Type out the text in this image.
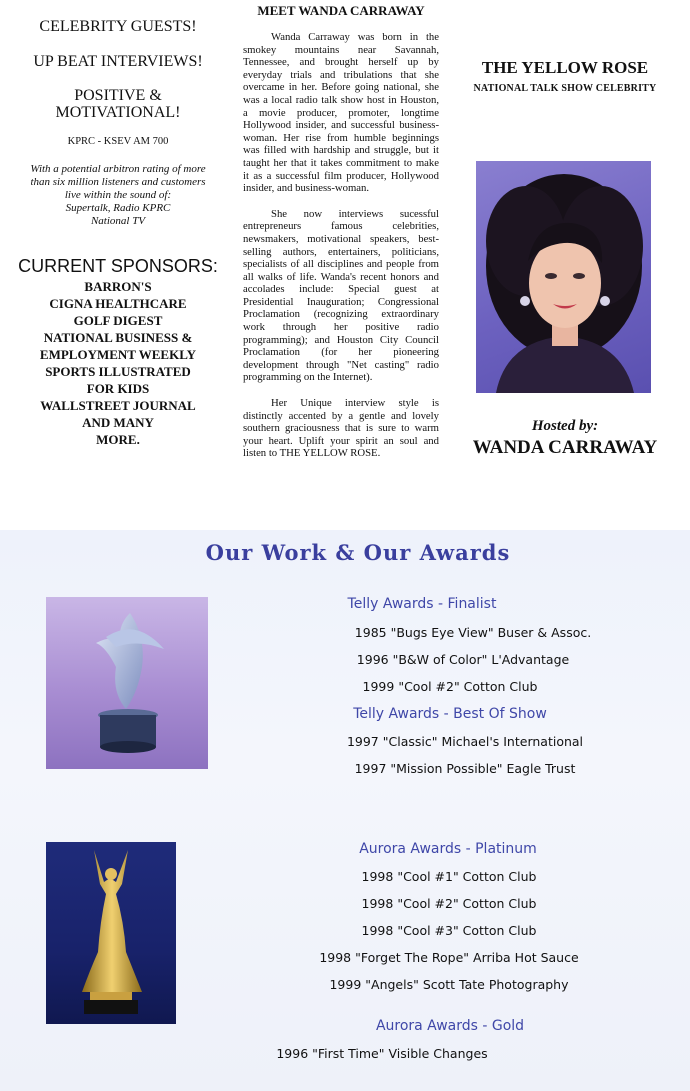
CELEBRITY GUESTS!
UP BEAT INTERVIEWS!
POSITIVE &
MOTIVATIONAL!
KPRC - KSEV AM 700
With a potential arbitron rating of more
than six million listeners and customers
live within the sound of:
Supertalk, Radio KPRC
National TV
CURRENT SPONSORS:
BARRON'S
CIGNA HEALTHCARE
GOLF DIGEST
NATIONAL BUSINESS &
EMPLOYMENT WEEKLY
SPORTS ILLUSTRATED
FOR KIDS
WALLSTREET JOURNAL
AND MANY
MORE.
MEET WANDA CARRAWAY

Wanda Carraway was born in the smokey mountains near Savannah, Tennessee, and brought herself up by everyday trials and tribulations that she overcame in her. Before going national, she was a local radio talk show host in Houston, a movie producer, promoter, longtime Hollywood insider, and successful business-woman. Her rise from humble beginnings was filled with hardship and struggle, but it taught her that it takes commitment to make it as a successful film producer, Hollywood insider, and business-woman.

She now interviews sucessful entrepreneurs famous celebrities, newsmakers, motivational speakers, best-selling authors, entertainers, politicians, specialists of all disciplines and people from all walks of life. Wanda's recent honors and accolades include: Special guest at Presidential Inauguration; Congressional Proclamation (recognizing extraordinary work through her positive radio programming); and Houston City Council Proclamation (for her pioneering development through "Net casting" radio programming on the Internet).

Her Unique interview style is distinctly accented by a gentle and lovely southern graciousness that is sure to warm your heart. Uplift your spirit an soul and listen to THE YELLOW ROSE.

THE YELLOW ROSE
NATIONAL TALK SHOW CELEBRITY
Hosted by:
WANDA CARRAWAY
Our Work & Our Awards
Telly Awards - Finalist
1985 "Bugs Eye View" Buser & Assoc.
1996 "B&W of Color" L'Advantage
1999 "Cool #2" Cotton Club
Telly Awards - Best Of Show
1997 "Classic" Michael's International
1997 "Mission Possible" Eagle Trust
Aurora Awards - Platinum
1998 "Cool #1" Cotton Club
1998 "Cool #2" Cotton Club
1998 "Cool #3" Cotton Club
1998 "Forget The Rope" Arriba Hot Sauce
1999 "Angels" Scott Tate Photography
Aurora Awards - Gold
1996 "First Time" Visible Changes
